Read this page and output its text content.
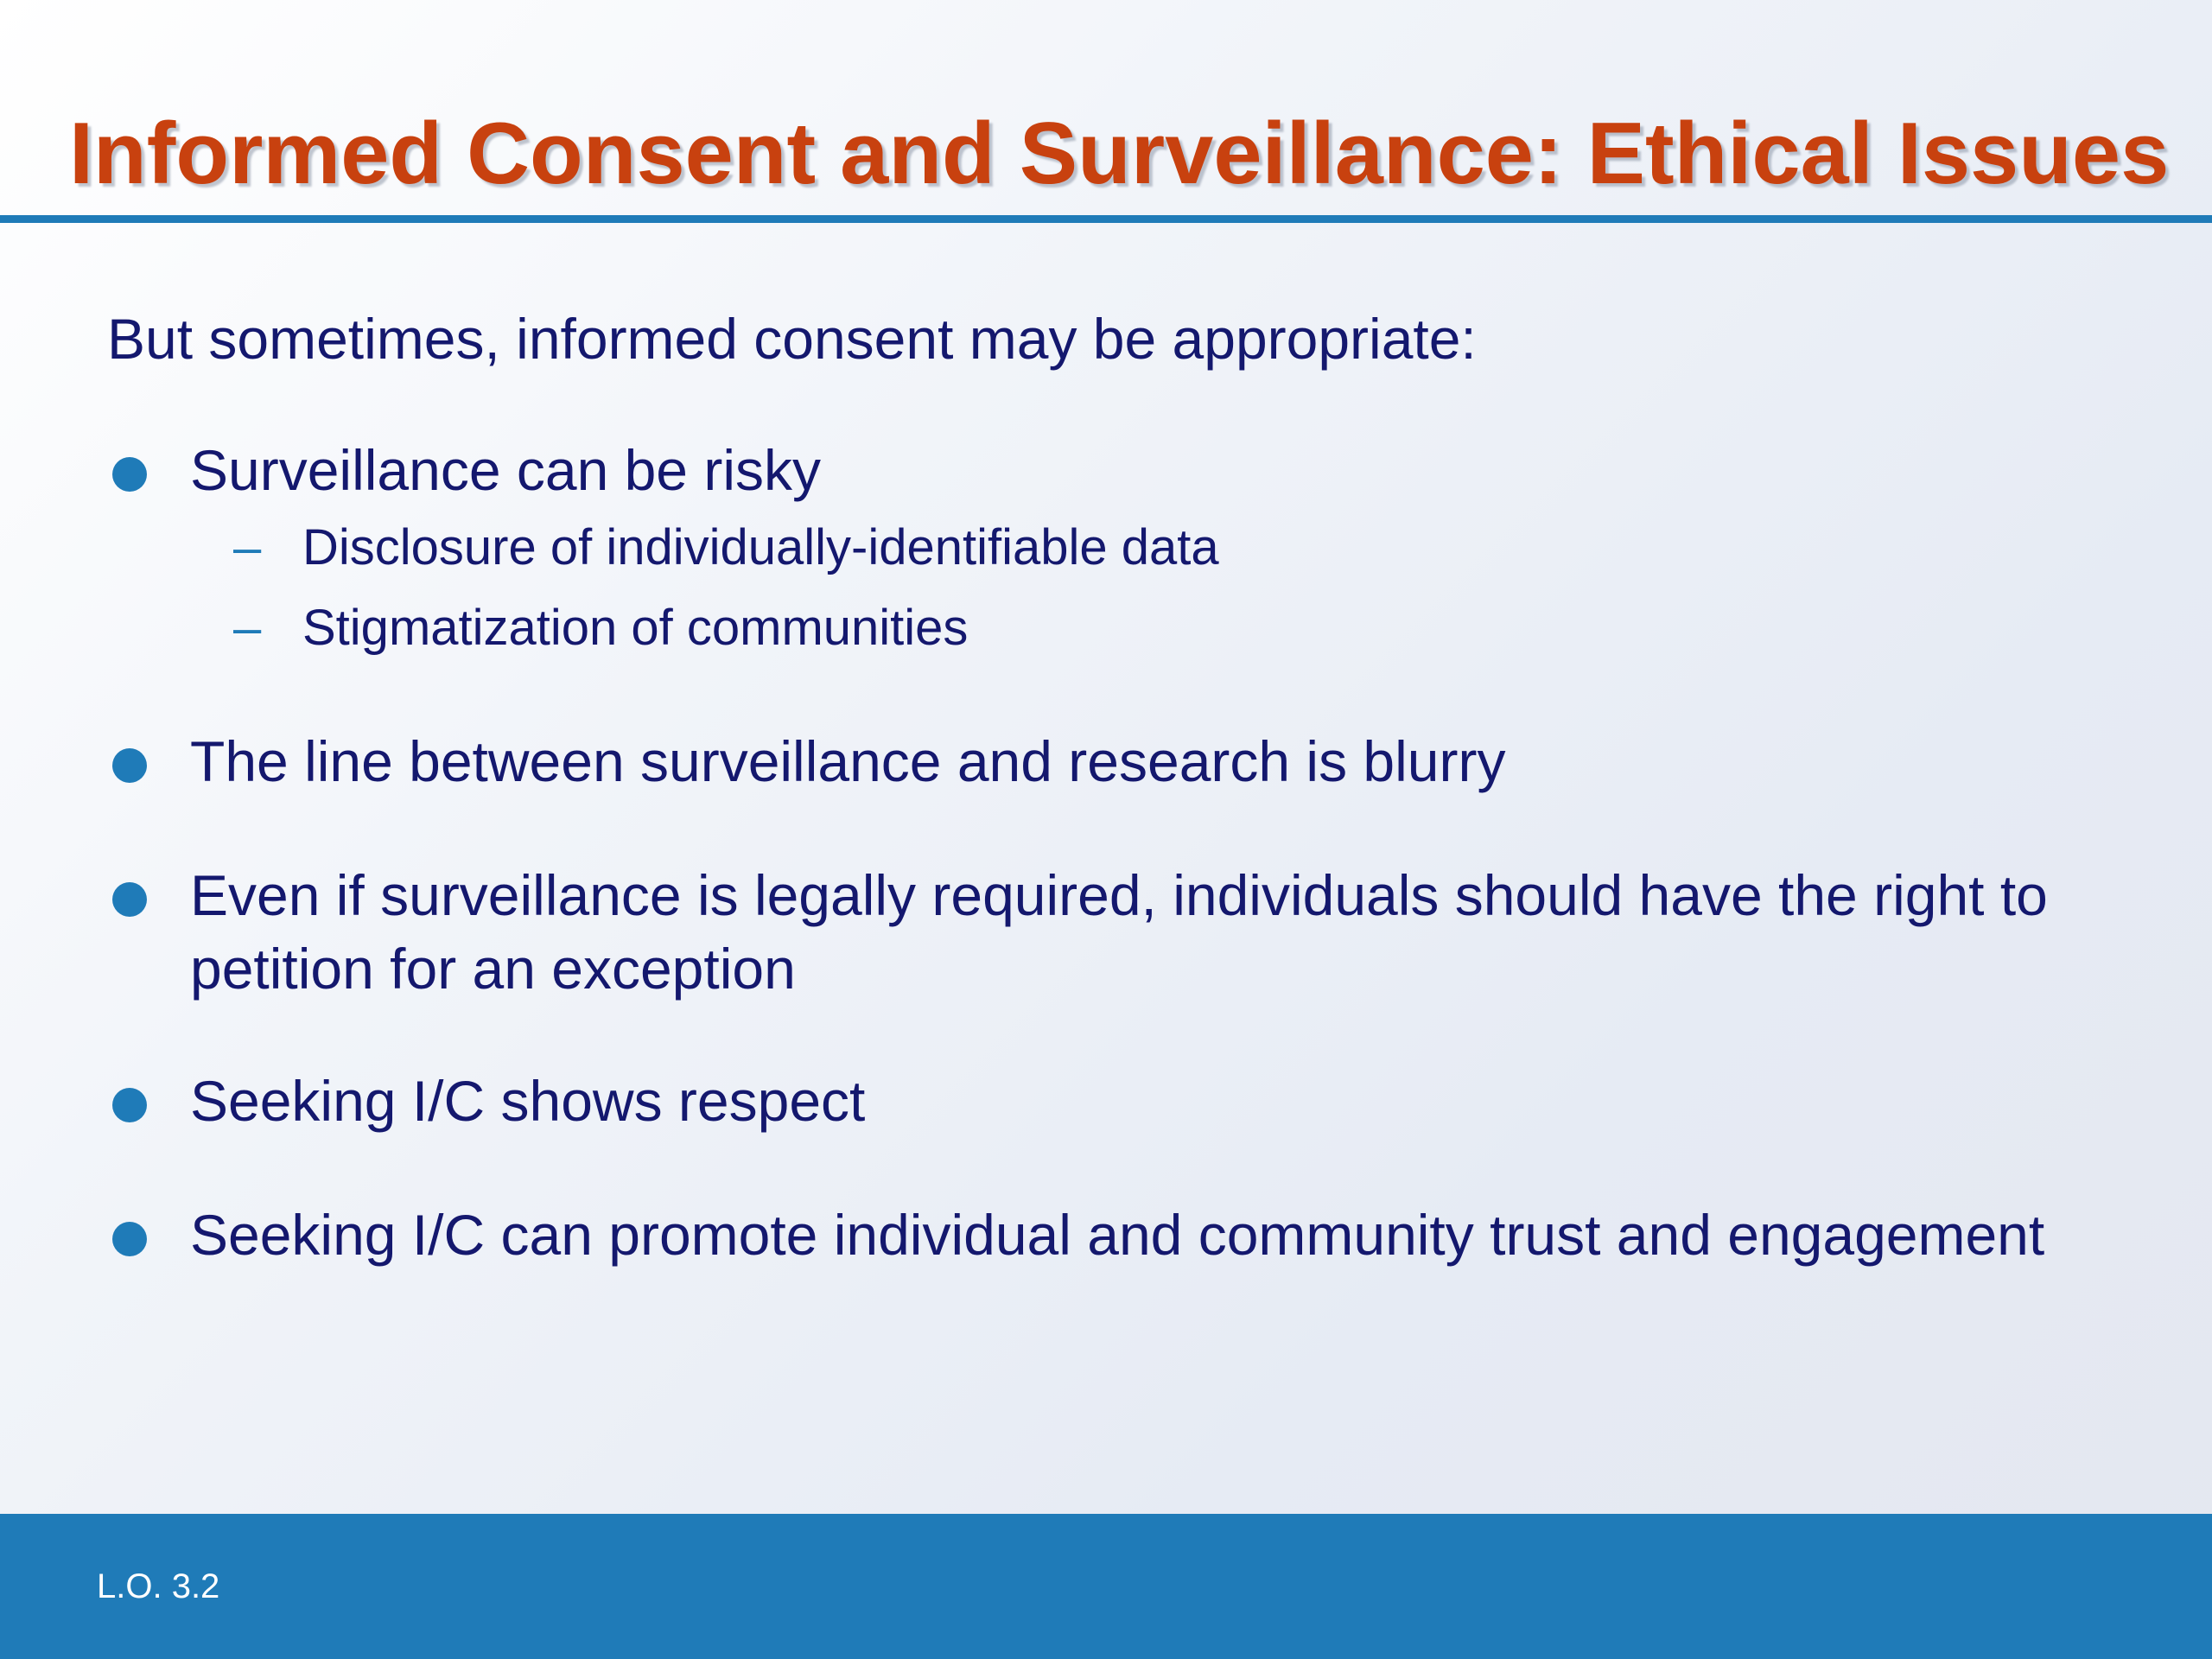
Informed Consent and Surveillance: Ethical Issues

But sometimes, informed consent may be appropriate:

Surveillance can be risky
– Disclosure of individually-identifiable data
– Stigmatization of communities
The line between surveillance and research is blurry
Even if surveillance is legally required, individuals should have the right to petition for an exception
Seeking I/C shows respect
Seeking I/C can promote individual and community trust and engagement
L.O. 3.2
